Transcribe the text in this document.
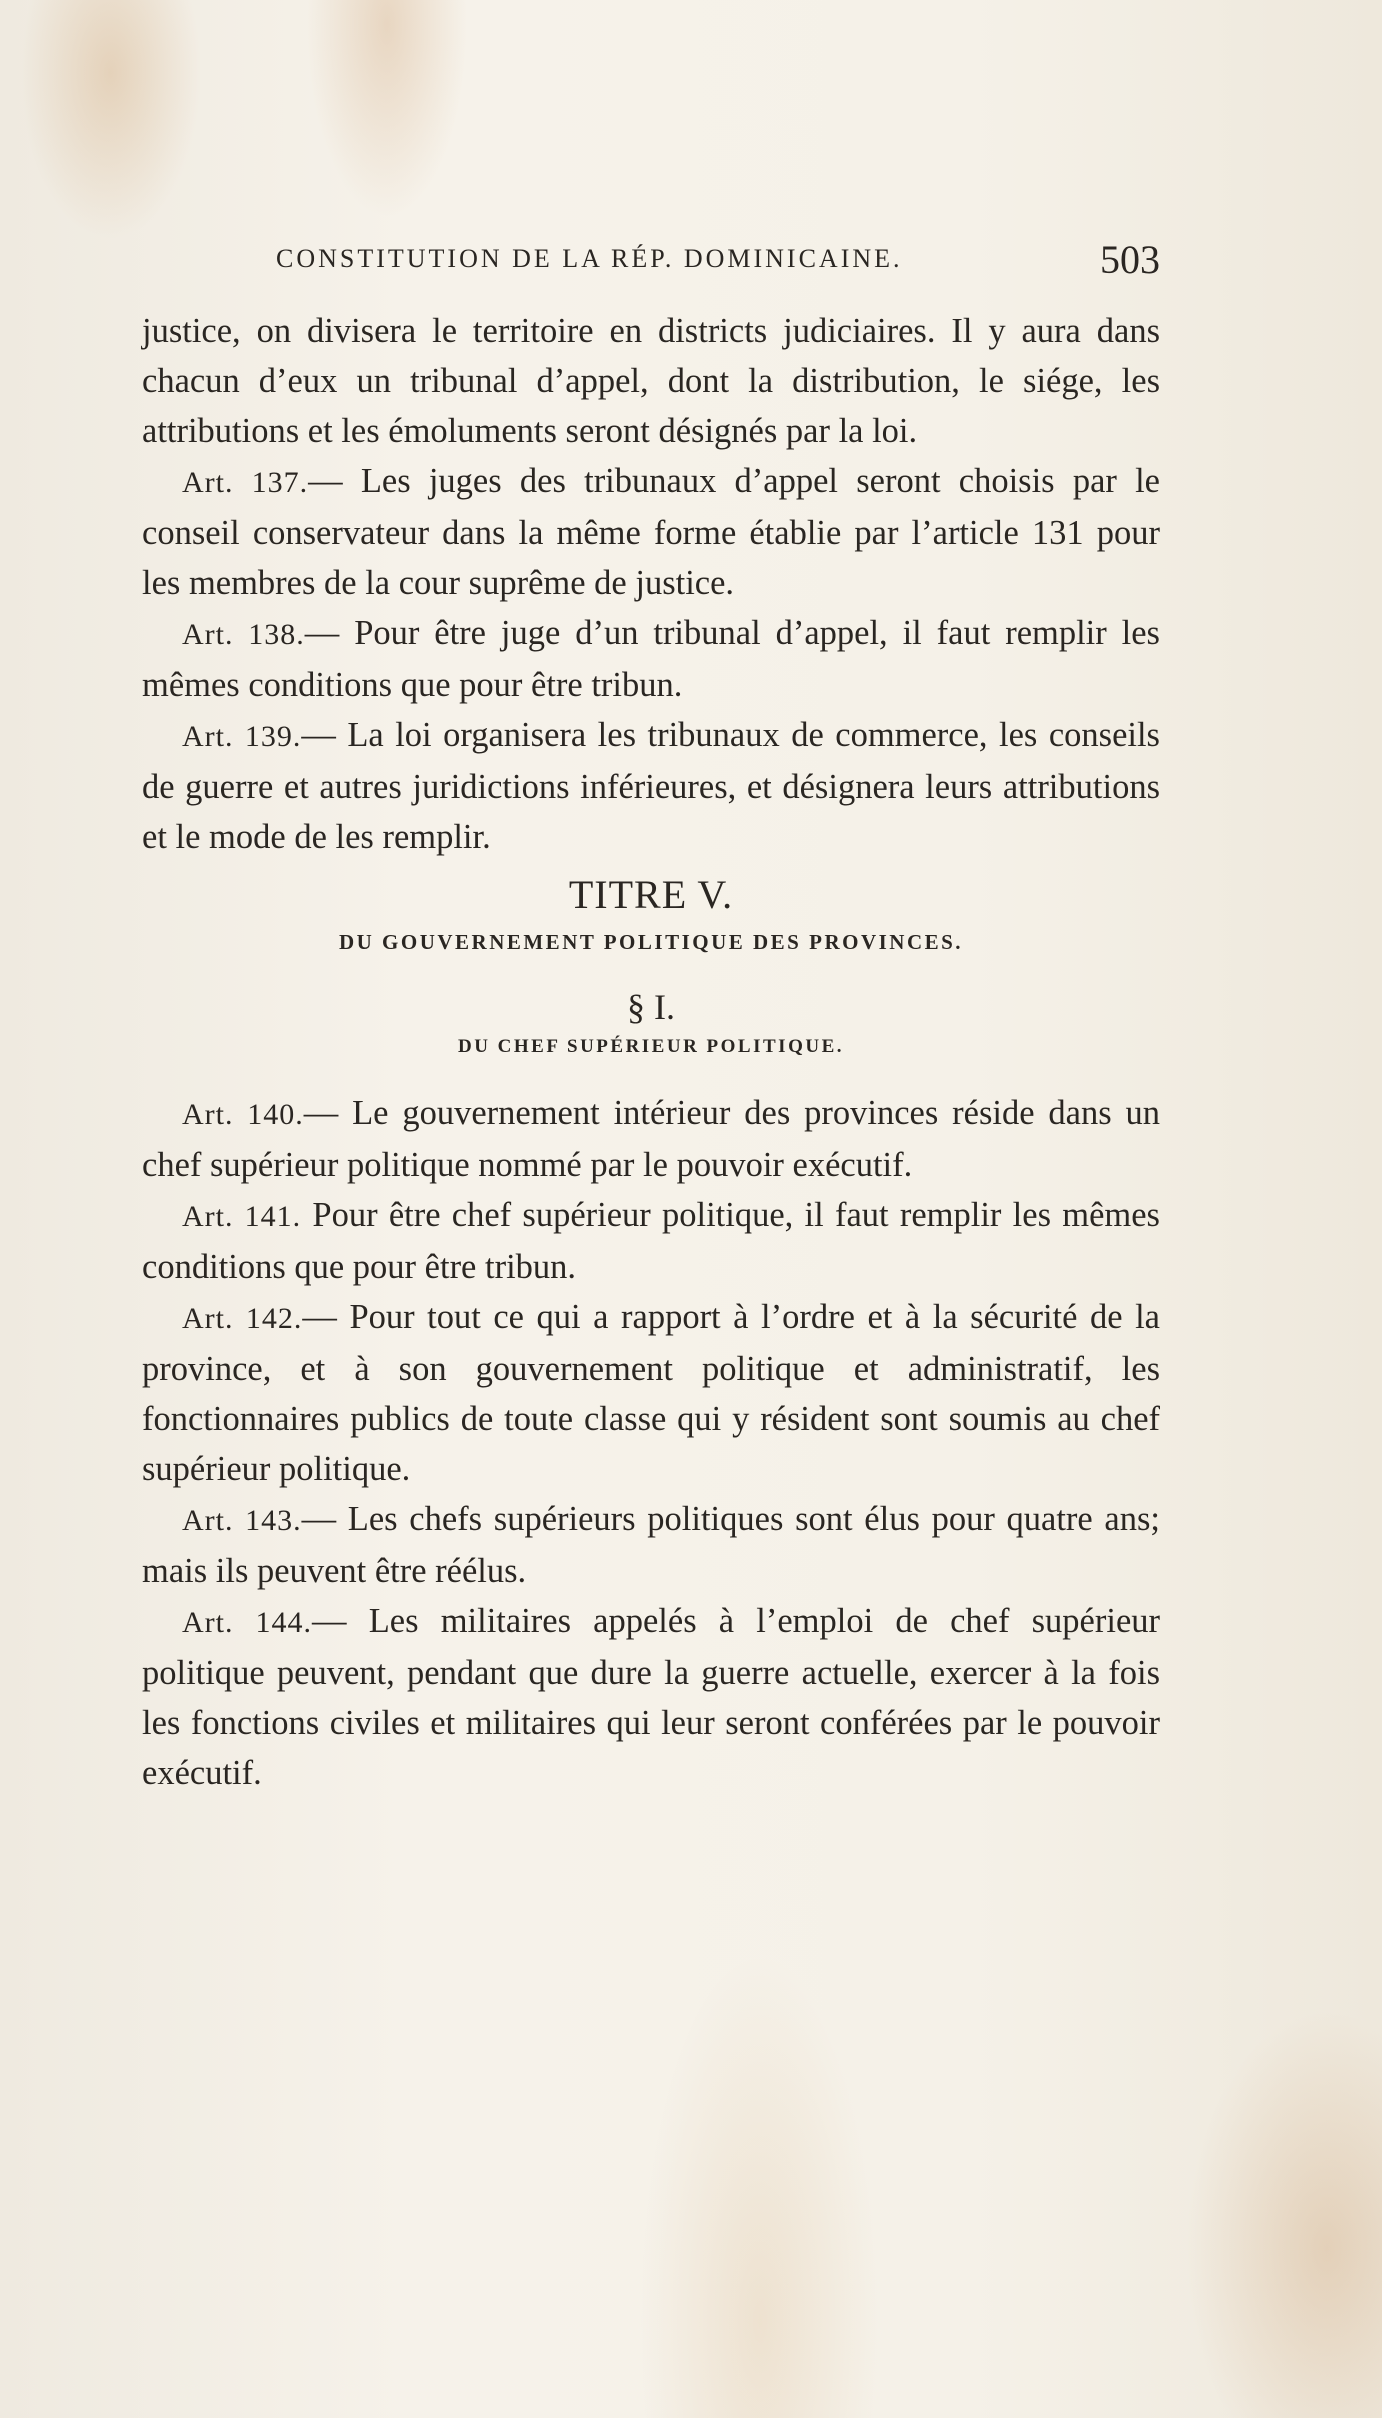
CONSTITUTION DE LA RÉP. DOMINICAINE.	503

justice, on divisera le territoire en districts judiciaires. Il y aura dans chacun d’eux un tribunal d’appel, dont la distribution, le siége, les attributions et les émoluments seront désignés par la loi.

Art. 137.— Les juges des tribunaux d’appel seront choisis par le conseil conservateur dans la même forme établie par l’article 131 pour les membres de la cour suprême de justice.

Art. 138.— Pour être juge d’un tribunal d’appel, il faut remplir les mêmes conditions que pour être tribun.

Art. 139.— La loi organisera les tribunaux de commerce, les conseils de guerre et autres juridictions inférieures, et désignera leurs attributions et le mode de les remplir.

TITRE V.
DU GOUVERNEMENT POLITIQUE DES PROVINCES.
§ I.
DU CHEF SUPÉRIEUR POLITIQUE.

Art. 140.— Le gouvernement intérieur des provinces réside dans un chef supérieur politique nommé par le pouvoir exécutif.

Art. 141. Pour être chef supérieur politique, il faut remplir les mêmes conditions que pour être tribun.

Art. 142.— Pour tout ce qui a rapport à l’ordre et à la sécurité de la province, et à son gouvernement politique et administratif, les fonctionnaires publics de toute classe qui y résident sont soumis au chef supérieur politique.

Art. 143.— Les chefs supérieurs politiques sont élus pour quatre ans; mais ils peuvent être réélus.

Art. 144.— Les militaires appelés à l’emploi de chef supérieur politique peuvent, pendant que dure la guerre actuelle, exercer à la fois les fonctions civiles et militaires qui leur seront conférées par le pouvoir exécutif.
